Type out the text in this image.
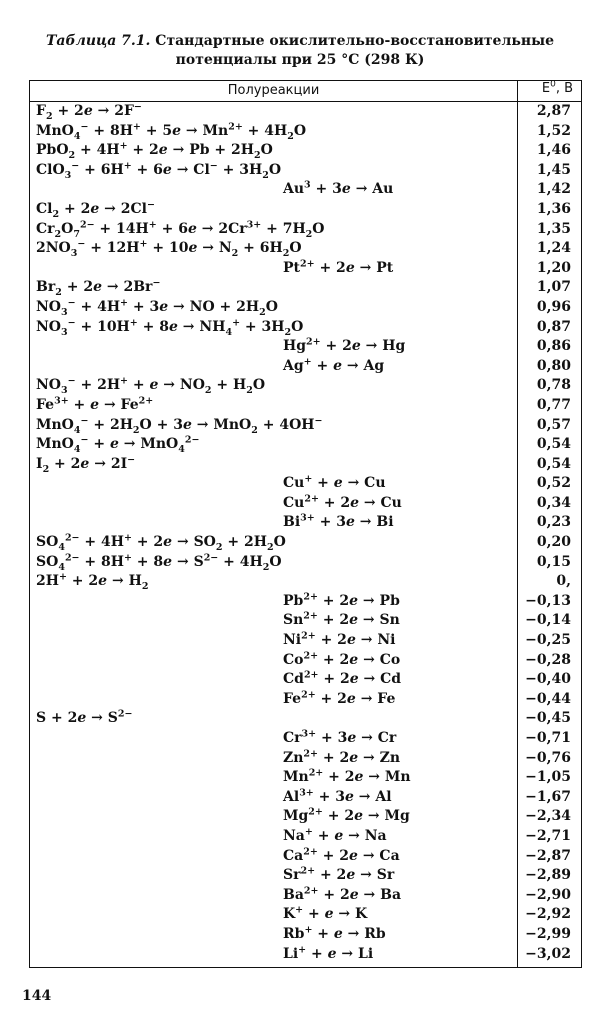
Таблица 7.1. Стандартные окислительно-восстановительные
потенциалы при 25 °С (298 К)
Полуреакции	$E^0$, В
$F_2 + 2e \to 2F^-$	2,87
$MnO_4^- + 8H^+ + 5e \to Mn^{2+} + 4H_2O$	1,52
$PbO_2 + 4H^+ + 2e \to Pb + 2H_2O$	1,46
$ClO_3^- + 6H^+ + 6e \to Cl^- + 3H_2O$	1,45
$Au^3 + 3e \to Au$	1,42
$Cl_2 + 2e \to 2Cl^-$	1,36
$Cr_2O_7^{2-} + 14H^+ + 6e \to 2Cr^{3+} + 7H_2O$	1,35
$2NO_3^- + 12H^+ + 10e \to N_2 + 6H_2O$	1,24
$Pt^{2+} + 2e \to Pt$	1,20
$Br_2 + 2e \to 2Br^-$	1,07
$NO_3^- + 4H^+ + 3e$ → NO + $2H_2O$	0,96
$NO_3^- + 10H^+ + 8e \to NH_4^+ + 3H_2O$	0,87
$Hg^{2+} + 2e \to Hg$	0,86
Ag+ + e → Ag	0,80
$NO_3^- + 2H^+ + e \to NO_2 + H_2O$	0,78
$Fe^{3+} + e \to Fe^{2+}$	0,77
$MnO_4^- + 2H_2O + 3e \to MnO_2 + 4OH^-$	0,57
MnO$_4$− + e → MnO$_4^{2-}$	0,54
$I_2 + 2e \to 2I^-$	0,54
Cu+ + e → Cu	0,52
$Cu^{2+} + 2e \to Cu$	0,34
$Bi^{3+} + 3e \to Bi$	0,23
$SO_4^{2-} + 4H^+ + 2e \to SO_2 + 2H_2O$	0,20
$SO_4^{2-} + 8H^+ + 8e \to S^{2-} + 4H_2O$	0,15
$2H^+ + 2e \to H_2$	0,
$Pb^{2+} + 2e \to Pb$	−0,13
$Sn^{2+} + 2e \to Sn$	−0,14
$Ni^{2+} + 2e \to Ni$	−0,25
$Co^{2+} + 2e \to Co$	−0,28
$Cd^{2+} + 2e \to Cd$	−0,40
$Fe^{2+} + 2e \to Fe$	−0,44
$S + 2e \to S^{2-}$	−0,45
$Cr^{3+} + 3e \to Cr$	−0,71
$Zn^{2+} + 2e \to Zn$	−0,76
$Mn^{2+} + 2e \to Mn$	−1,05
$Al^{3+} + 3e \to Al$	−1,67
$Mg^{2+} + 2e \to Mg$	−2,34
Na+ + e → Na	−2,71
$Ca^{2+} + 2e \to Ca$	−2,87
$Sr^{2+} + 2e \to Sr$	−2,89
$Ba^{2+} + 2e \to Ba$	−2,90
K+ + e → K	−2,92
Rb+ + e → Rb	−2,99
Li+ + e → Li	−3,02
144
